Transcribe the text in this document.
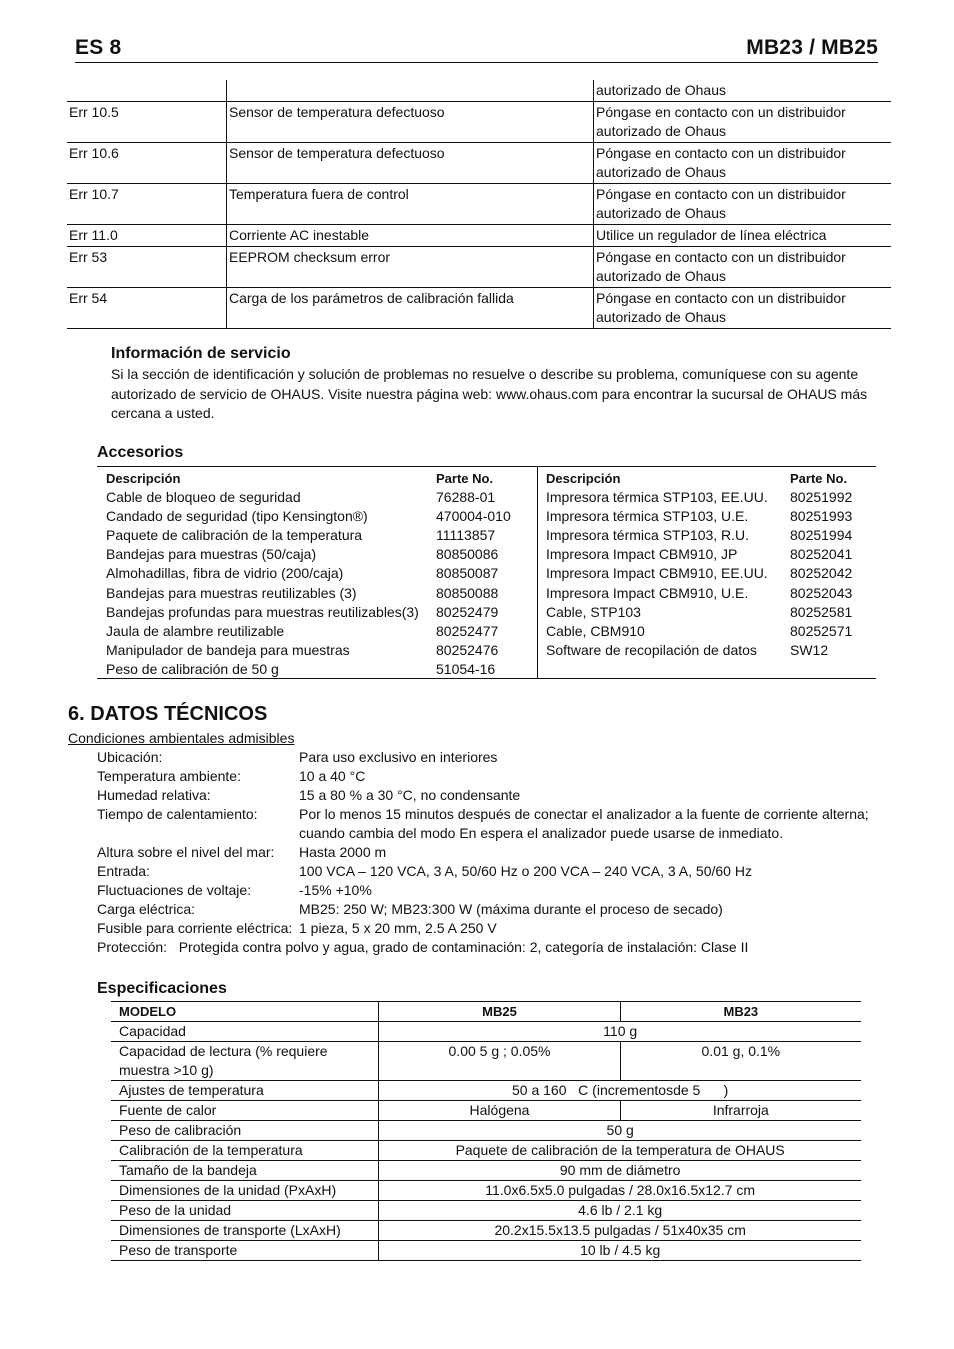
ES 8	MB23 / MB25
		autorizado de Ohaus
Err 10.5	Sensor de temperatura defectuoso	Póngase en contacto con un distribuidor autorizado de Ohaus
Err 10.6	Sensor de temperatura defectuoso	Póngase en contacto con un distribuidor autorizado de Ohaus
Err 10.7	Temperatura fuera de control	Póngase en contacto con un distribuidor autorizado de Ohaus
Err 11.0	Corriente AC inestable	Utilice un regulador de línea eléctrica
Err 53	EEPROM checksum error	Póngase en contacto con un distribuidor autorizado de Ohaus
Err 54	Carga de los parámetros de calibración fallida	Póngase en contacto con un distribuidor autorizado de Ohaus
Información de servicio
Si la sección de identificación y solución de problemas no resuelve o describe su problema, comuníquese con su agente autorizado de servicio de OHAUS. Visite nuestra página web: www.ohaus.com para encontrar la sucursal de OHAUS más cercana a usted.
Accesorios
Descripción	Parte No.
Cable de bloqueo de seguridad	76288-01
Candado de seguridad (tipo Kensington®)	470004-010
Paquete de calibración de la temperatura	11113857
Bandejas para muestras (50/caja)	80850086
Almohadillas, fibra de vidrio (200/caja)	80850087
Bandejas para muestras reutilizables (3)	80850088
Bandejas profundas para muestras reutilizables(3) 80252479
Jaula de alambre reutilizable	80252477
Manipulador de bandeja para muestras	80252476
Peso de calibración de 50 g	51054-16
Descripción	Parte No.
Impresora térmica STP103, EE.UU. 80251992
Impresora térmica STP103, U.E.	80251993
Impresora térmica STP103, R.U.	80251994
Impresora Impact CBM910, JP	80252041
Impresora Impact CBM910, EE.UU. 80252042
Impresora Impact CBM910, U.E.	80252043
Cable, STP103	80252581
Cable, CBM910	80252571
Software de recopilación de datos SW12
6. DATOS TÉCNICOS
Condiciones ambientales admisibles
Ubicación:	Para uso exclusivo en interiores
Temperatura ambiente:	10 a 40 °C
Humedad relativa:	15 a 80 % a 30 °C, no condensante
Tiempo de calentamiento:	Por lo menos 15 minutos después de conectar el analizador a la fuente de corriente alterna; cuando cambia del modo En espera el analizador puede usarse de inmediato.
Altura sobre el nivel del mar: Hasta 2000 m
Entrada:	100 VCA – 120 VCA, 3 A, 50/60 Hz o 200 VCA – 240 VCA, 3 A, 50/60 Hz
Fluctuaciones de voltaje:	-15% +10%
Carga eléctrica:	MB25: 250 W; MB23:300 W (máxima durante el proceso de secado)
Fusible para corriente eléctrica: 1 pieza, 5 x 20 mm, 2.5 A 250 V
Protección:   Protegida contra polvo y agua, grado de contaminación: 2, categoría de instalación: Clase II
Especificaciones
MODELO	MB25	MB23
Capacidad	110 g	
Capacidad de lectura (% requiere muestra >10 g)	0.00 5 g ; 0.05%	0.01 g, 0.1%
Ajustes de temperatura	50 a 160   C (incrementosde 5      )	
Fuente de calor	Halógena	Infrarroja
Peso de calibración	50 g	
Calibración de la temperatura	Paquete de calibración de la temperatura de OHAUS	
Tamaño de la bandeja	90 mm de diámetro	
Dimensiones de la unidad (PxAxH)	11.0x6.5x5.0 pulgadas / 28.0x16.5x12.7 cm	
Peso de la unidad	4.6 lb / 2.1 kg	
Dimensiones de transporte (LxAxH)	20.2x15.5x13.5 pulgadas / 51x40x35 cm	
Peso de transporte	10 lb / 4.5 kg	
